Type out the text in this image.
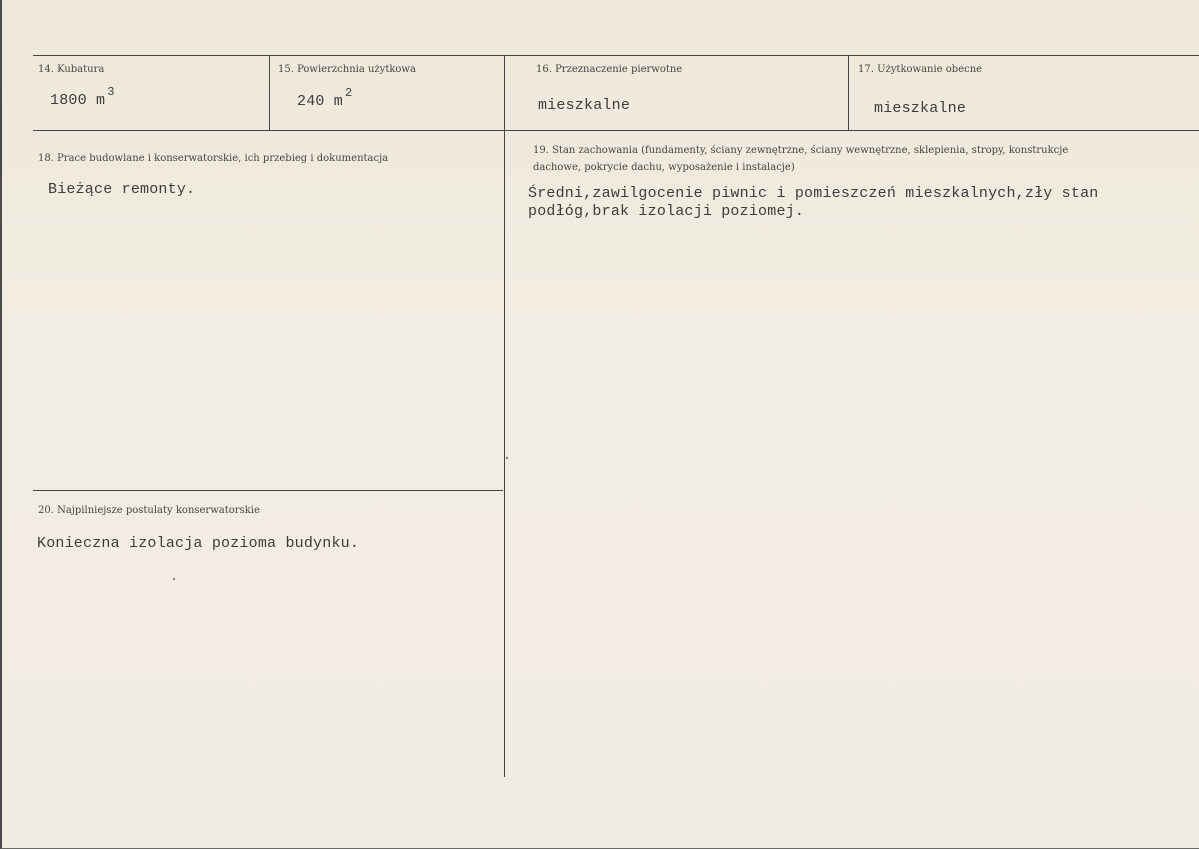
14. Kubatura
1800 m $^3$
15. Powierzchnia użytkowa
240 m $^2$
16. Przeznaczenie pierwotne
mieszkalne
17. Użytkowanie obecne
mieszkalne
18. Prace budowlane i konserwatorskie, ich przebieg i dokumentacja
Bieżące remonty.
19. Stan zachowania (fundamenty, ściany zewnętrzne, ściany wewnętrzne, sklepienia, stropy, konstrukcje dachowe, pokrycie dachu, wyposażenie i instalacje)
Średni,zawilgocenie piwnic i pomieszczeń mieszkalnych,zły stan podłóg,brak izolacji poziomej.
20. Najpilniejsze postulaty konserwatorskie
Konieczna izolacja pozioma budynku.
